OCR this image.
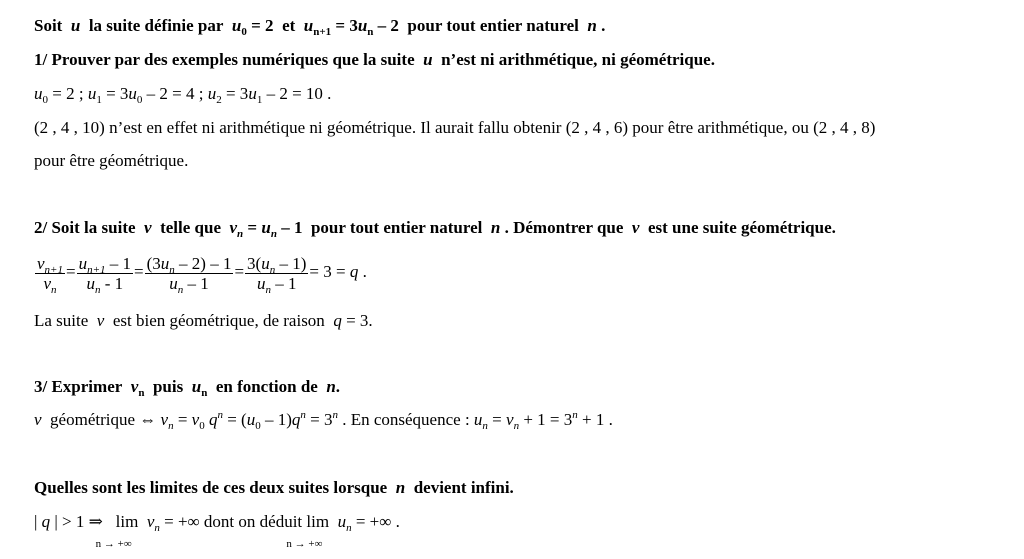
Soit u la suite définie par $u_0 = 2$ et $u_{n+1} = 3u_n - 2$ pour tout entier naturel n .
1/ Prouver par des exemples numériques que la suite u n’est ni arithmétique, ni géométrique.
$u_0 = 2$ ; $u_1 = 3u_0 - 2 = 4$ ; $u_2 = 3u_1 - 2 = 10$ .
(2 , 4 , 10) n’est en effet ni arithmétique ni géométrique. Il aurait fallu obtenir (2 , 4 , 6) pour être arithmétique, ou (2 , 4 , 8)
pour être géométrique.
2/ Soit la suite v telle que $v_n = u_n - 1$ pour tout entier naturel n . Démontrer que v est une suite géométrique.
$\frac{v_{n+1}}{v_n} = \frac{u_{n+1} - 1}{u_n - 1} = \frac{(3u_n - 2) - 1}{u_n - 1} = \frac{3(u_n - 1)}{u_n - 1} = 3 = q$ .
La suite v est bien géométrique, de raison q = 3.
3/ Exprimer $v_n$ puis $u_n$ en fonction de n.
v géométrique ⇔ $v_n = v_0$ $q^n = (u_0 - 1)q^n = 3^n$ . En conséquence : $u_n = v_n + 1 = 3^n + 1$ .
Quelles sont les limites de ces deux suites lorsque n devient infini.
| q | > 1 ⇒   lim
n → +∞
$v_n$ = +∞ dont on déduit lim
n → +∞
$u_n$ = +∞ .
